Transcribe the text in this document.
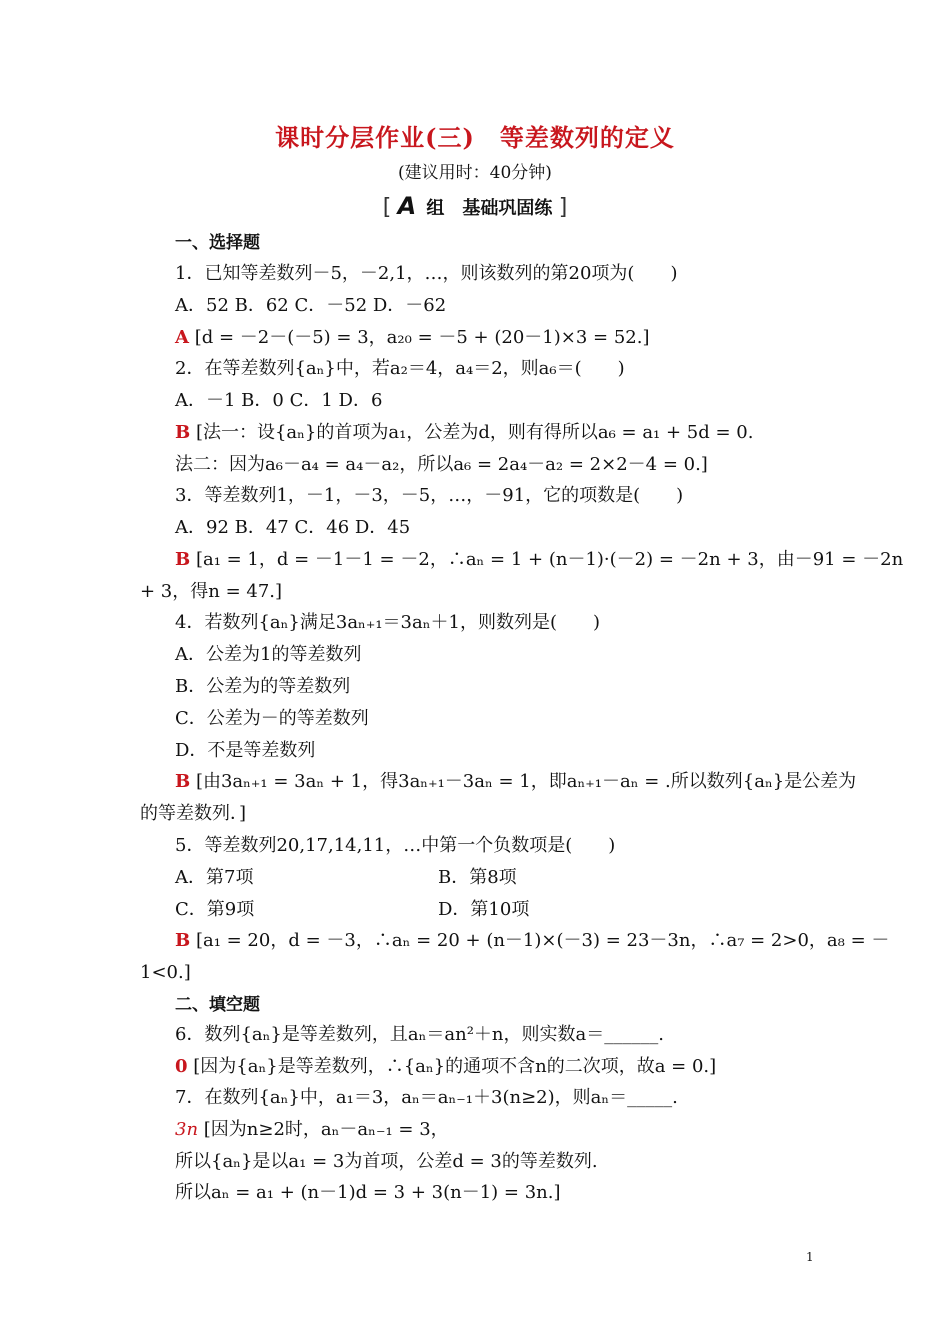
课时分层作业(三)　等差数列的定义
(建议用时：40分钟)
[ A 组　基础巩固练 ]
一、选择题
1．已知等差数列－5，－2,1，…，则该数列的第20项为(　　)
A．52 B．62 C．－52 D．－62
A [d = －2－(－5) = 3，a₂₀ = －5 + (20－1)×3 = 52.]
2．在等差数列{aₙ}中，若a₂＝4，a₄＝2，则a₆＝(　　)
A．－1 B．0 C．1 D．6
B [法一：设{aₙ}的首项为a₁，公差为d，则有得所以a₆ = a₁ + 5d = 0.
法二：因为a₆－a₄ = a₄－a₂，所以a₆ = 2a₄－a₂ = 2×2－4 = 0.]
3．等差数列1，－1，－3，－5，…，－91，它的项数是(　　)
A．92 B．47 C．46 D．45
B [a₁ = 1，d = －1－1 = －2，∴aₙ = 1 + (n－1)·(－2) = －2n + 3，由－91 = －2n
+ 3，得n = 47.]
4．若数列{aₙ}满足3aₙ₊₁＝3aₙ＋1，则数列是(　　)
A．公差为1的等差数列
B．公差为的等差数列
C．公差为－的等差数列
D．不是等差数列
B [由3aₙ₊₁ = 3aₙ + 1，得3aₙ₊₁－3aₙ = 1，即aₙ₊₁－aₙ = .所以数列{aₙ}是公差为
的等差数列．]
5．等差数列20,17,14,11，…中第一个负数项是(　　)
A．第7项	B．第8项
C．第9项	D．第10项
B [a₁ = 20，d = －3，∴aₙ = 20 + (n－1)×(－3) = 23－3n，∴a₇ = 2>0，a₈ = －
1<0.]
二、填空题
6．数列{aₙ}是等差数列，且aₙ＝an²＋n，则实数a＝______.
0 [因为{aₙ}是等差数列，∴{aₙ}的通项不含n的二次项，故a = 0.]
7．在数列{aₙ}中，a₁＝3，aₙ＝aₙ₋₁＋3(n≥2)，则aₙ＝_____.
3n [因为n≥2时，aₙ－aₙ₋₁ = 3，
所以{aₙ}是以a₁ = 3为首项，公差d = 3的等差数列.
所以aₙ = a₁ + (n－1)d = 3 + 3(n－1) = 3n.]
1
